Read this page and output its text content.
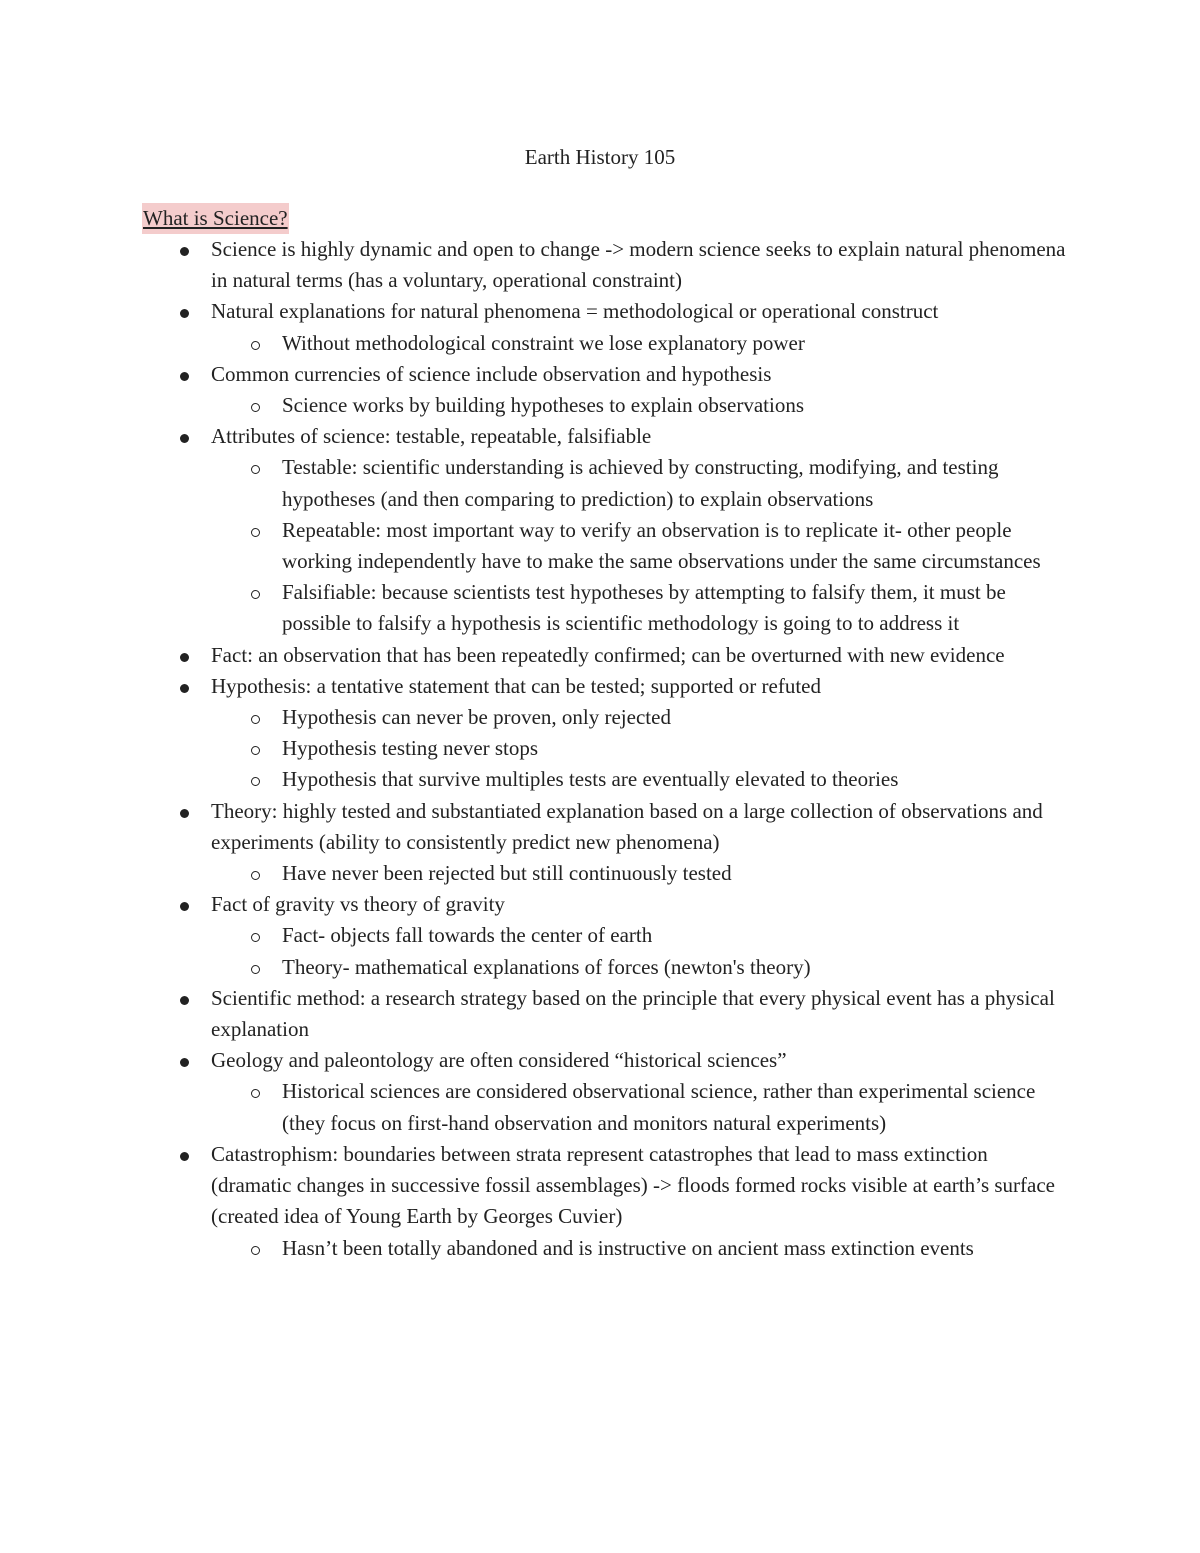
Earth History 105
What is Science?
Science is highly dynamic and open to change -> modern science seeks to explain natural phenomena in natural terms (has a voluntary, operational constraint)
Natural explanations for natural phenomena = methodological or operational construct
Without methodological constraint we lose explanatory power
Common currencies of science include observation and hypothesis
Science works by building hypotheses to explain observations
Attributes of science: testable, repeatable, falsifiable
Testable: scientific understanding is achieved by constructing, modifying, and testing hypotheses (and then comparing to prediction) to explain observations
Repeatable: most important way to verify an observation is to replicate it- other people working independently have to make the same observations under the same circumstances
Falsifiable: because scientists test hypotheses by attempting to falsify them, it must be possible to falsify a hypothesis is scientific methodology is going to to address it
Fact: an observation that has been repeatedly confirmed; can be overturned with new evidence
Hypothesis: a tentative statement that can be tested; supported or refuted
Hypothesis can never be proven, only rejected
Hypothesis testing never stops
Hypothesis that survive multiples tests are eventually elevated to theories
Theory: highly tested and substantiated explanation based on a large collection of observations and experiments (ability to consistently predict new phenomena)
Have never been rejected but still continuously tested
Fact of gravity vs theory of gravity
Fact- objects fall towards the center of earth
Theory- mathematical explanations of forces (newton's theory)
Scientific method: a research strategy based on the principle that every physical event has a physical explanation
Geology and paleontology are often considered “historical sciences”
Historical sciences are considered observational science, rather than experimental science (they focus on first-hand observation and monitors natural experiments)
Catastrophism: boundaries between strata represent catastrophes that lead to mass extinction (dramatic changes in successive fossil assemblages) -> floods formed rocks visible at earth’s surface (created idea of Young Earth by Georges Cuvier)
Hasn’t been totally abandoned and is instructive on ancient mass extinction events
